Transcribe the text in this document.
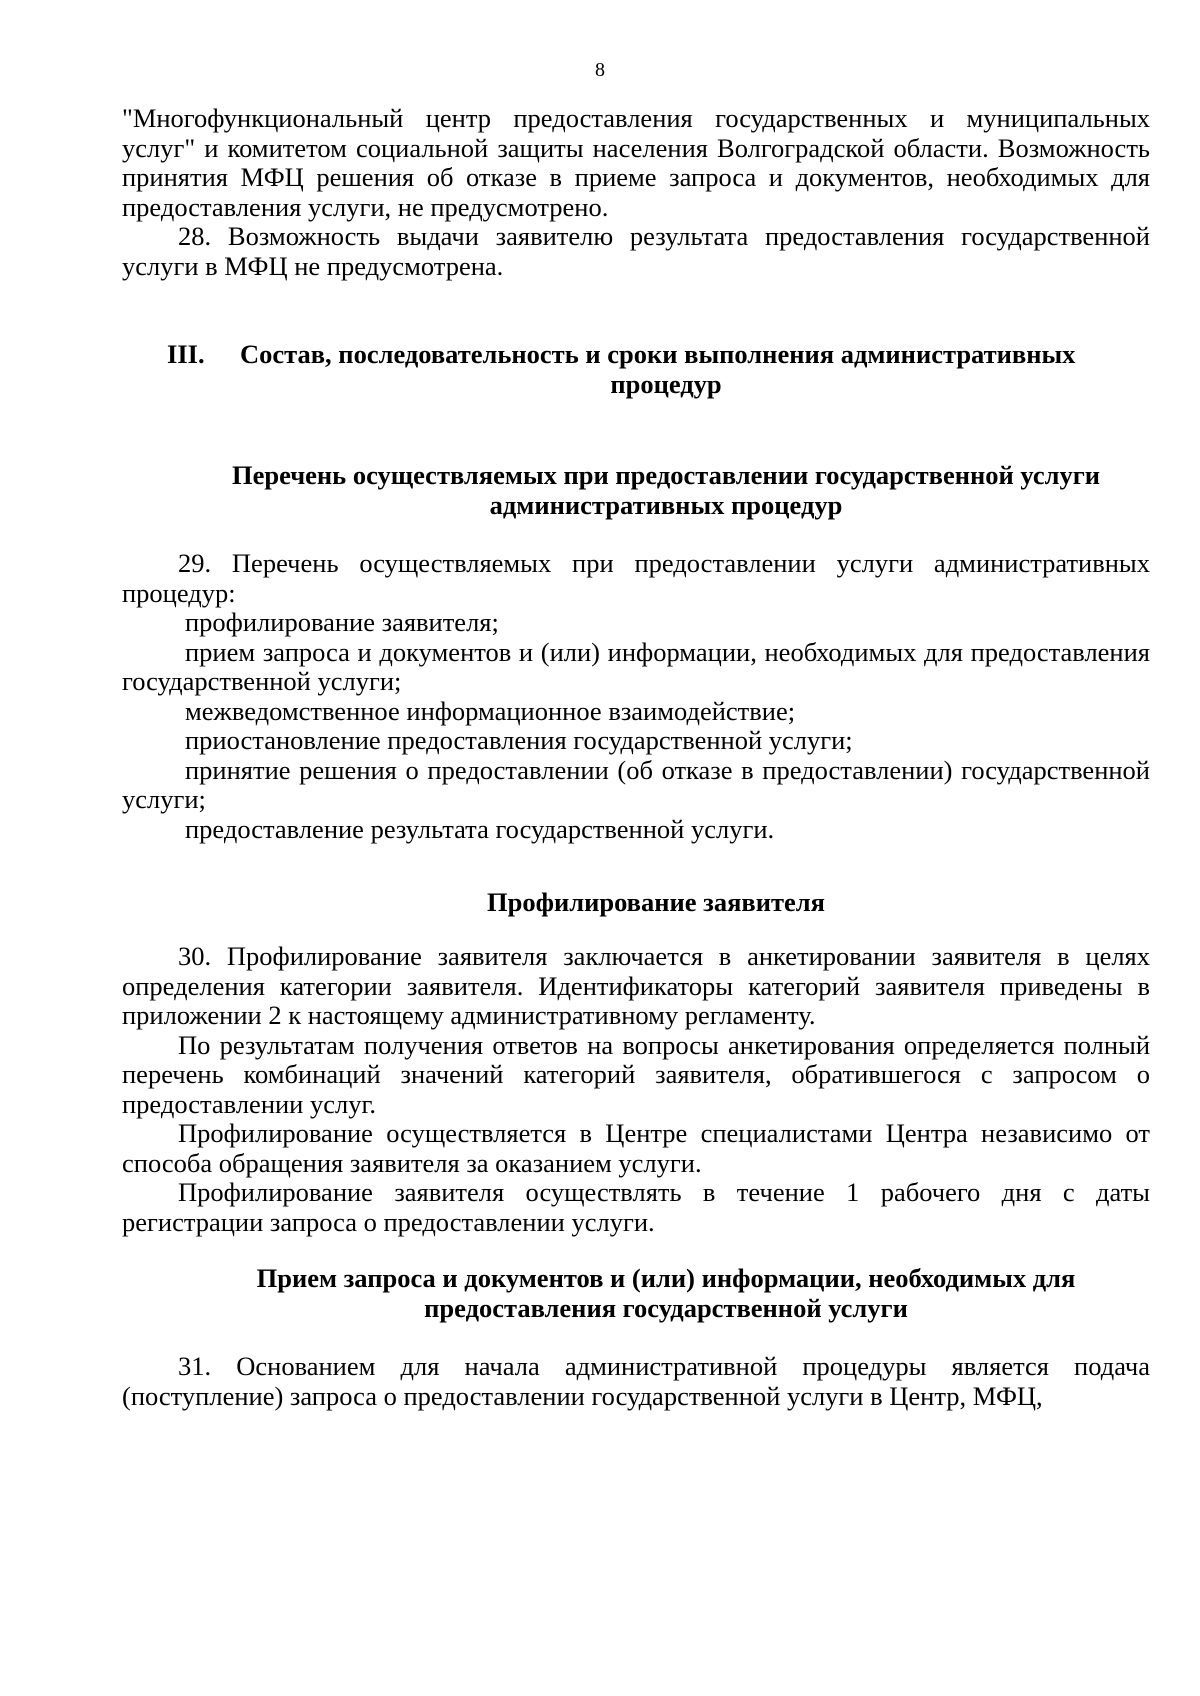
8

"Многофункциональный центр предоставления государственных и муниципальных услуг" и комитетом социальной защиты населения Волгоградской области. Возможность принятия МФЦ решения об отказе в приеме запроса и документов, необходимых для предоставления услуги, не предусмотрено.

28. Возможность выдачи заявителю результата предоставления государственной услуги в МФЦ не предусмотрена.

III.	Состав, последовательность и сроки выполнения административных

процедур

Перечень осуществляемых при предоставлении государственной услуги административных процедур

29. Перечень осуществляемых при предоставлении услуги административных процедур:

профилирование заявителя;

прием запроса и документов и (или) информации, необходимых для предоставления государственной услуги;

межведомственное информационное взаимодействие;

приостановление предоставления государственной услуги;

принятие решения о предоставлении (об отказе в предоставлении) государственной услуги;

предоставление результата государственной услуги.

Профилирование заявителя

30. Профилирование заявителя заключается в анкетировании заявителя в целях определения категории заявителя. Идентификаторы категорий заявителя приведены в приложении 2 к настоящему административному регламенту.

По результатам получения ответов на вопросы анкетирования определяется полный перечень комбинаций значений категорий заявителя, обратившегося с запросом о предоставлении услуг.

Профилирование осуществляется в Центре специалистами Центра независимо от способа обращения заявителя за оказанием услуги.

Профилирование заявителя осуществлять в течение 1 рабочего дня с даты регистрации запроса о предоставлении услуги.

Прием запроса и документов и (или) информации, необходимых для

предоставления государственной услуги

31. Основанием для начала административной процедуры является подача (поступление) запроса о предоставлении государственной услуги в Центр, МФЦ,
